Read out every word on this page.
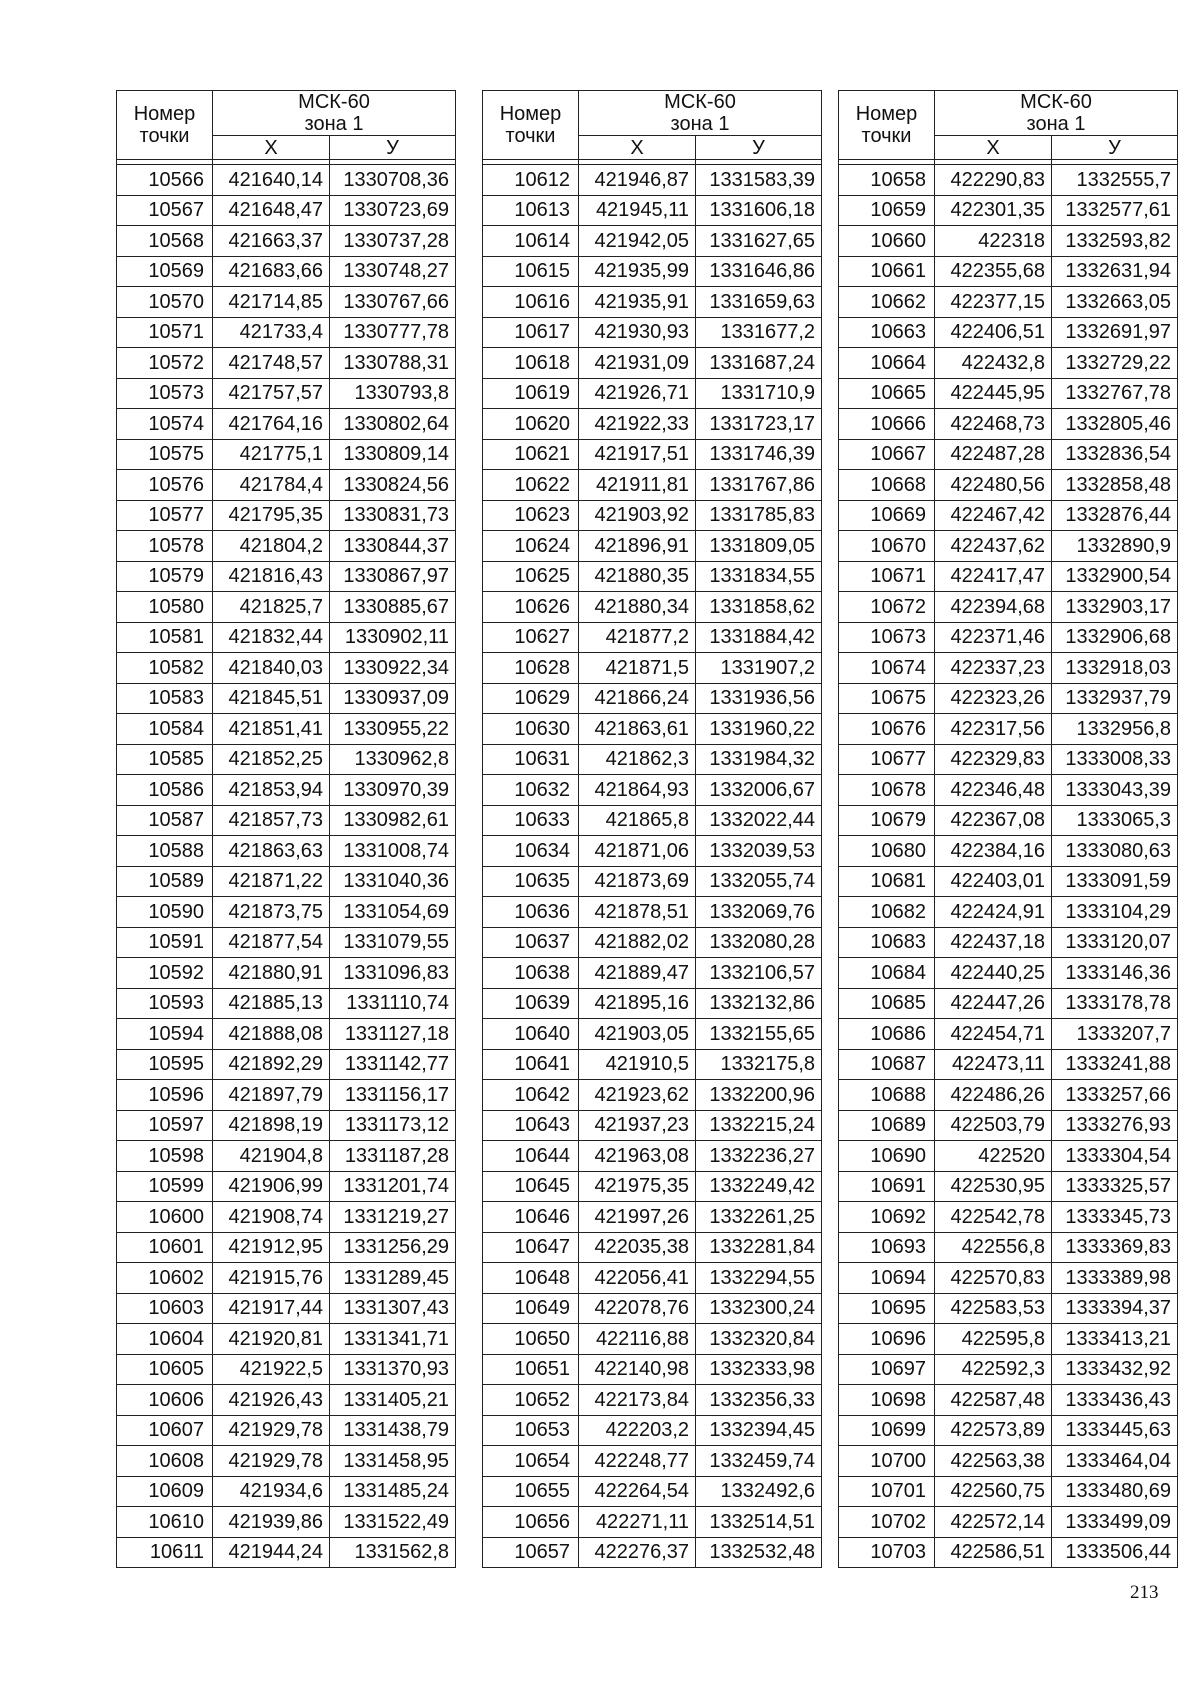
Номер
точки	МСК-60
зона 1	
	Х	У

10566	421640,14	1330708,36
10567	421648,47	1330723,69
10568	421663,37	1330737,28
10569	421683,66	1330748,27
10570	421714,85	1330767,66
10571	421733,4	1330777,78
10572	421748,57	1330788,31
10573	421757,57	1330793,8
10574	421764,16	1330802,64
10575	421775,1	1330809,14
10576	421784,4	1330824,56
10577	421795,35	1330831,73
10578	421804,2	1330844,37
10579	421816,43	1330867,97
10580	421825,7	1330885,67
10581	421832,44	1330902,11
10582	421840,03	1330922,34
10583	421845,51	1330937,09
10584	421851,41	1330955,22
10585	421852,25	1330962,8
10586	421853,94	1330970,39
10587	421857,73	1330982,61
10588	421863,63	1331008,74
10589	421871,22	1331040,36
10590	421873,75	1331054,69
10591	421877,54	1331079,55
10592	421880,91	1331096,83
10593	421885,13	1331110,74
10594	421888,08	1331127,18
10595	421892,29	1331142,77
10596	421897,79	1331156,17
10597	421898,19	1331173,12
10598	421904,8	1331187,28
10599	421906,99	1331201,74
10600	421908,74	1331219,27
10601	421912,95	1331256,29
10602	421915,76	1331289,45
10603	421917,44	1331307,43
10604	421920,81	1331341,71
10605	421922,5	1331370,93
10606	421926,43	1331405,21
10607	421929,78	1331438,79
10608	421929,78	1331458,95
10609	421934,6	1331485,24
10610	421939,86	1331522,49
10611	421944,24	1331562,8
Номер
точки	МСК-60
зона 1	
	Х	У

10612	421946,87	1331583,39
10613	421945,11	1331606,18
10614	421942,05	1331627,65
10615	421935,99	1331646,86
10616	421935,91	1331659,63
10617	421930,93	1331677,2
10618	421931,09	1331687,24
10619	421926,71	1331710,9
10620	421922,33	1331723,17
10621	421917,51	1331746,39
10622	421911,81	1331767,86
10623	421903,92	1331785,83
10624	421896,91	1331809,05
10625	421880,35	1331834,55
10626	421880,34	1331858,62
10627	421877,2	1331884,42
10628	421871,5	1331907,2
10629	421866,24	1331936,56
10630	421863,61	1331960,22
10631	421862,3	1331984,32
10632	421864,93	1332006,67
10633	421865,8	1332022,44
10634	421871,06	1332039,53
10635	421873,69	1332055,74
10636	421878,51	1332069,76
10637	421882,02	1332080,28
10638	421889,47	1332106,57
10639	421895,16	1332132,86
10640	421903,05	1332155,65
10641	421910,5	1332175,8
10642	421923,62	1332200,96
10643	421937,23	1332215,24
10644	421963,08	1332236,27
10645	421975,35	1332249,42
10646	421997,26	1332261,25
10647	422035,38	1332281,84
10648	422056,41	1332294,55
10649	422078,76	1332300,24
10650	422116,88	1332320,84
10651	422140,98	1332333,98
10652	422173,84	1332356,33
10653	422203,2	1332394,45
10654	422248,77	1332459,74
10655	422264,54	1332492,6
10656	422271,11	1332514,51
10657	422276,37	1332532,48
Номер
точки	МСК-60
зона 1	
	Х	У

10658	422290,83	1332555,7
10659	422301,35	1332577,61
10660	422318	1332593,82
10661	422355,68	1332631,94
10662	422377,15	1332663,05
10663	422406,51	1332691,97
10664	422432,8	1332729,22
10665	422445,95	1332767,78
10666	422468,73	1332805,46
10667	422487,28	1332836,54
10668	422480,56	1332858,48
10669	422467,42	1332876,44
10670	422437,62	1332890,9
10671	422417,47	1332900,54
10672	422394,68	1332903,17
10673	422371,46	1332906,68
10674	422337,23	1332918,03
10675	422323,26	1332937,79
10676	422317,56	1332956,8
10677	422329,83	1333008,33
10678	422346,48	1333043,39
10679	422367,08	1333065,3
10680	422384,16	1333080,63
10681	422403,01	1333091,59
10682	422424,91	1333104,29
10683	422437,18	1333120,07
10684	422440,25	1333146,36
10685	422447,26	1333178,78
10686	422454,71	1333207,7
10687	422473,11	1333241,88
10688	422486,26	1333257,66
10689	422503,79	1333276,93
10690	422520	1333304,54
10691	422530,95	1333325,57
10692	422542,78	1333345,73
10693	422556,8	1333369,83
10694	422570,83	1333389,98
10695	422583,53	1333394,37
10696	422595,8	1333413,21
10697	422592,3	1333432,92
10698	422587,48	1333436,43
10699	422573,89	1333445,63
10700	422563,38	1333464,04
10701	422560,75	1333480,69
10702	422572,14	1333499,09
10703	422586,51	1333506,44
213
